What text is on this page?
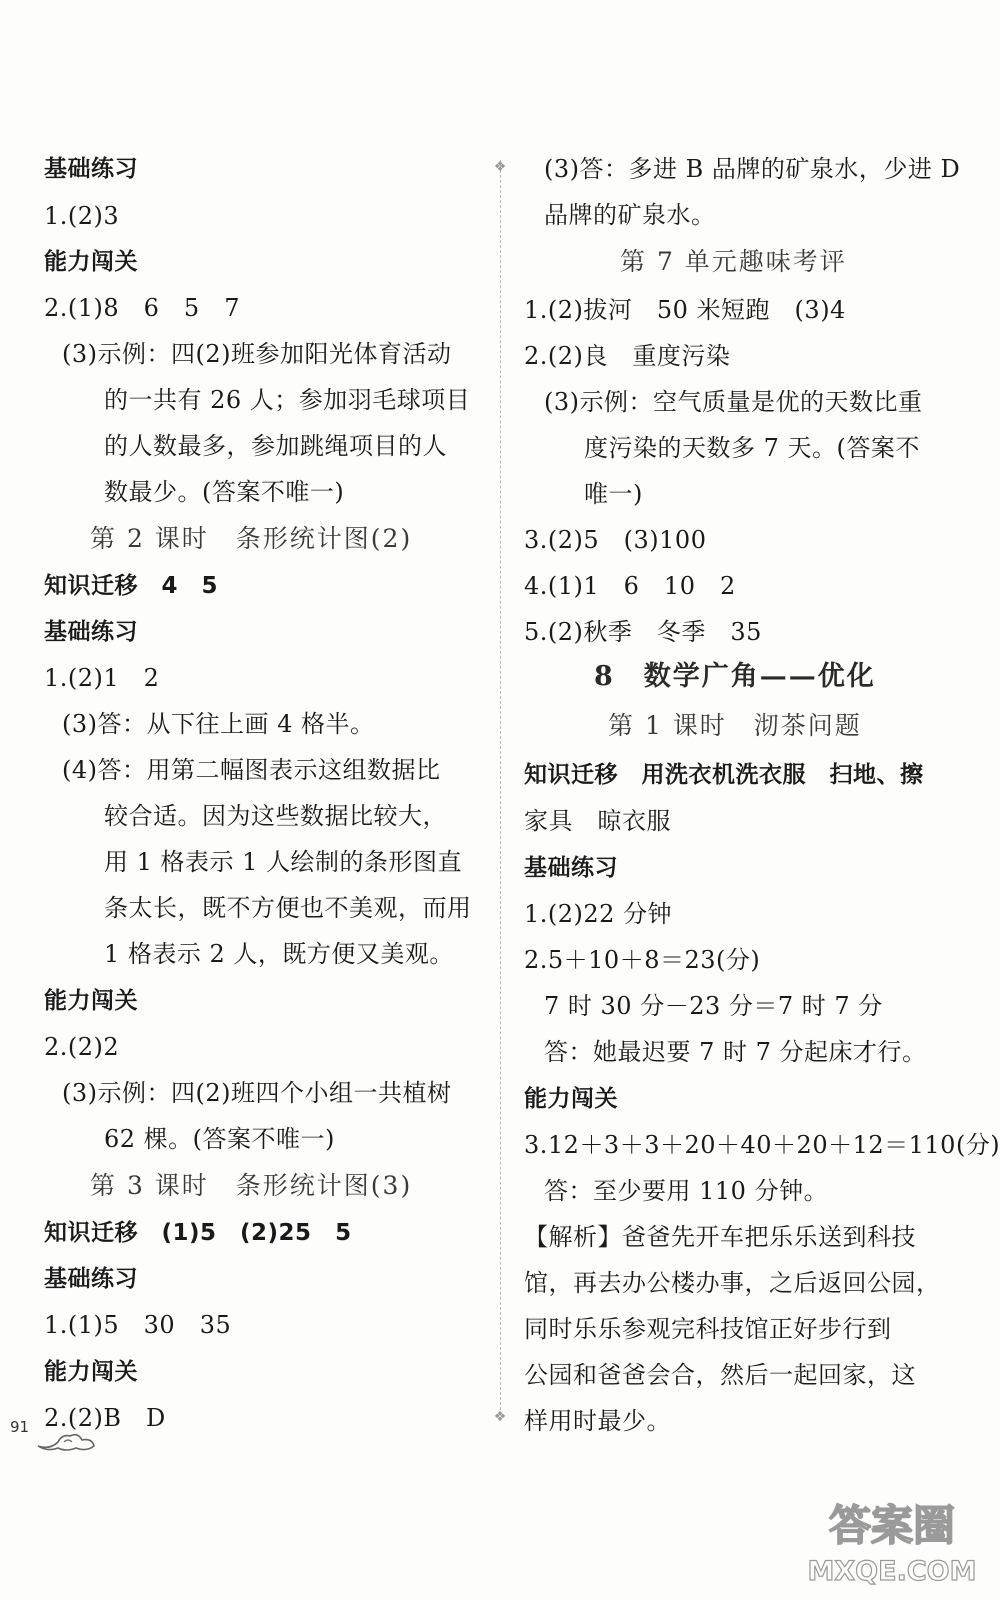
基础练习
1.(2)3
能力闯关
2.(1)8　6　5　7
(3)示例：四(2)班参加阳光体育活动
的一共有 26 人；参加羽毛球项目
的人数最多，参加跳绳项目的人
数最少。(答案不唯一)
第 2 课时　条形统计图(2)
知识迁移　4　5
基础练习
1.(2)1　2
(3)答：从下往上画 4 格半。
(4)答：用第二幅图表示这组数据比
较合适。因为这些数据比较大，
用 1 格表示 1 人绘制的条形图直
条太长，既不方便也不美观，而用
1 格表示 2 人，既方便又美观。
能力闯关
2.(2)2
(3)示例：四(2)班四个小组一共植树
62 棵。(答案不唯一)
第 3 课时　条形统计图(3)
知识迁移　(1)5　(2)25　5
基础练习
1.(1)5　30　35
能力闯关
2.(2)B　D
❖
❖
(3)答：多进 B 品牌的矿泉水，少进 D
品牌的矿泉水。
第 7 单元趣味考评
1.(2)拔河　50 米短跑　(3)4
2.(2)良　重度污染
(3)示例：空气质量是优的天数比重
度污染的天数多 7 天。(答案不
唯一)
3.(2)5　(3)100
4.(1)1　6　10　2
5.(2)秋季　冬季　35
8　数学广角——优化
第 1 课时　沏茶问题
知识迁移　用洗衣机洗衣服　扫地、擦
家具　晾衣服
基础练习
1.(2)22 分钟
2.5＋10＋8＝23(分)
7 时 30 分－23 分＝7 时 7 分
答：她最迟要 7 时 7 分起床才行。
能力闯关
3.12＋3＋3＋20＋40＋20＋12＝110(分)
答：至少要用 110 分钟。
【解析】爸爸先开车把乐乐送到科技
馆，再去办公楼办事，之后返回公园，
同时乐乐参观完科技馆正好步行到
公园和爸爸会合，然后一起回家，这
样用时最少。
91
答案圈
MXQE.COM
